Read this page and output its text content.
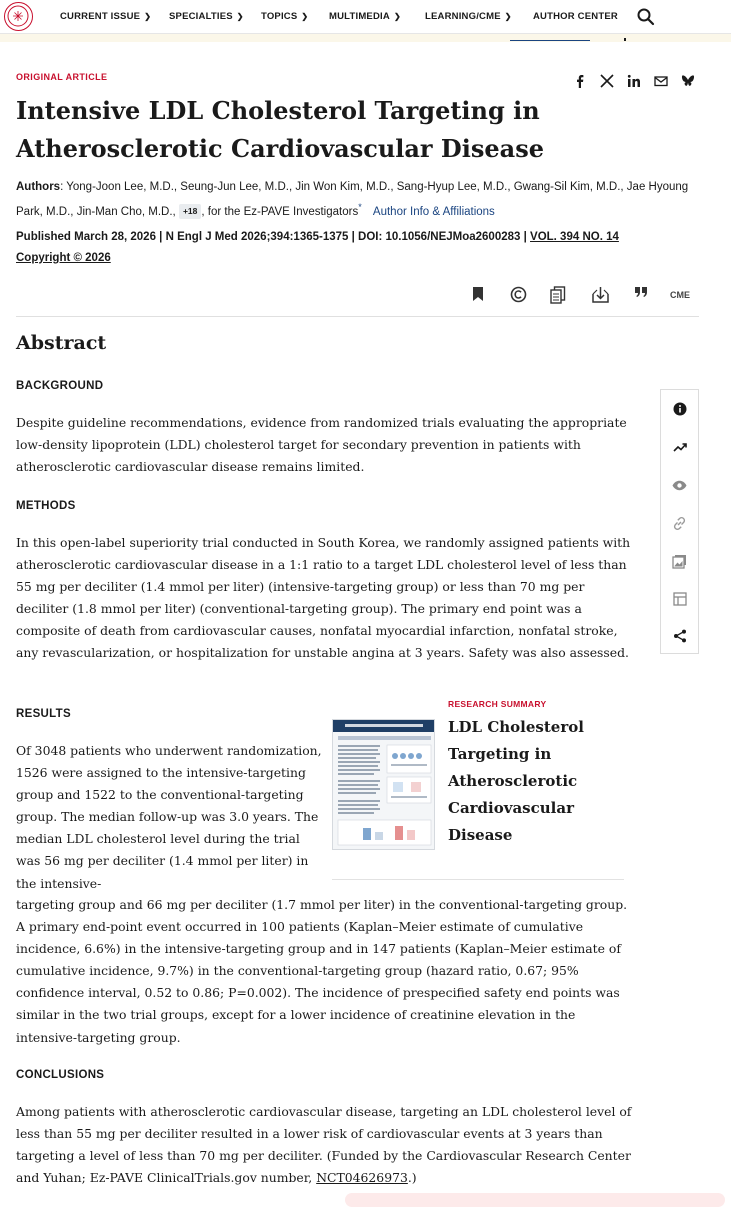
CURRENT ISSUE ❯ SPECIALTIES ❯ TOPICS ❯ MULTIMEDIA ❯	LEARNING/CME ❯ AUTHOR CENTER
ORIGINAL ARTICLE
Intensive LDL Cholesterol Targeting in Atherosclerotic Cardiovascular Disease
Authors: Yong-Joon Lee, M.D., Seung-Jun Lee, M.D., Jin Won Kim, M.D., Sang-Hyup Lee, M.D., Gwang-Sil Kim, M.D., Jae Hyoung Park, M.D., Jin-Man Cho, M.D., +18 , for the Ez-PAVE Investigators* Author Info & Affiliations
Published March 28, 2026 | N Engl J Med 2026;394:1365-1375 | DOI: 10.1056/NEJMoa2600283 | VOL. 394 NO. 14
Copyright © 2026
CME
Abstract
BACKGROUND

Despite guideline recommendations, evidence from randomized trials evaluating the appropriate low-density lipoprotein (LDL) cholesterol target for secondary prevention in patients with atherosclerotic cardiovascular disease remains limited.

METHODS

In this open-label superiority trial conducted in South Korea, we randomly assigned patients with atherosclerotic cardiovascular disease in a 1:1 ratio to a target LDL cholesterol level of less than 55 mg per deciliter (1.4 mmol per liter) (intensive-targeting group) or less than 70 mg per deciliter (1.8 mmol per liter) (conventional-targeting group). The primary end point was a composite of death from cardiovascular causes, nonfatal myocardial infarction, nonfatal stroke, any revascularization, or hospitalization for unstable angina at 3 years. Safety was also assessed.

RESULTS

Of 3048 patients who underwent randomization, 1526 were assigned to the intensive-targeting group and 1522 to the conventional-targeting group. The median follow-up was 3.0 years. The median LDL cholesterol level during the trial was 56 mg per deciliter (1.4 mmol per liter) in the intensive-

targeting group and 66 mg per deciliter (1.7 mmol per liter) in the conventional-targeting group. A primary end-point event occurred in 100 patients (Kaplan–Meier estimate of cumulative incidence, 6.6%) in the intensive-targeting group and in 147 patients (Kaplan–Meier estimate of cumulative incidence, 9.7%) in the conventional-targeting group (hazard ratio, 0.67; 95% confidence interval, 0.52 to 0.86; P=0.002). The incidence of prespecified safety end points was similar in the two trial groups, except for a lower incidence of creatinine elevation in the intensive-targeting group.

CONCLUSIONS

Among patients with atherosclerotic cardiovascular disease, targeting an LDL cholesterol level of less than 55 mg per deciliter resulted in a lower risk of cardiovascular events at 3 years than targeting a level of less than 70 mg per deciliter. (Funded by the Cardiovascular Research Center and Yuhan; Ez-PAVE ClinicalTrials.gov number, NCT04626973.)

RESEARCH SUMMARY
LDL Cholesterol Targeting in Atherosclerotic Cardiovascular Disease
